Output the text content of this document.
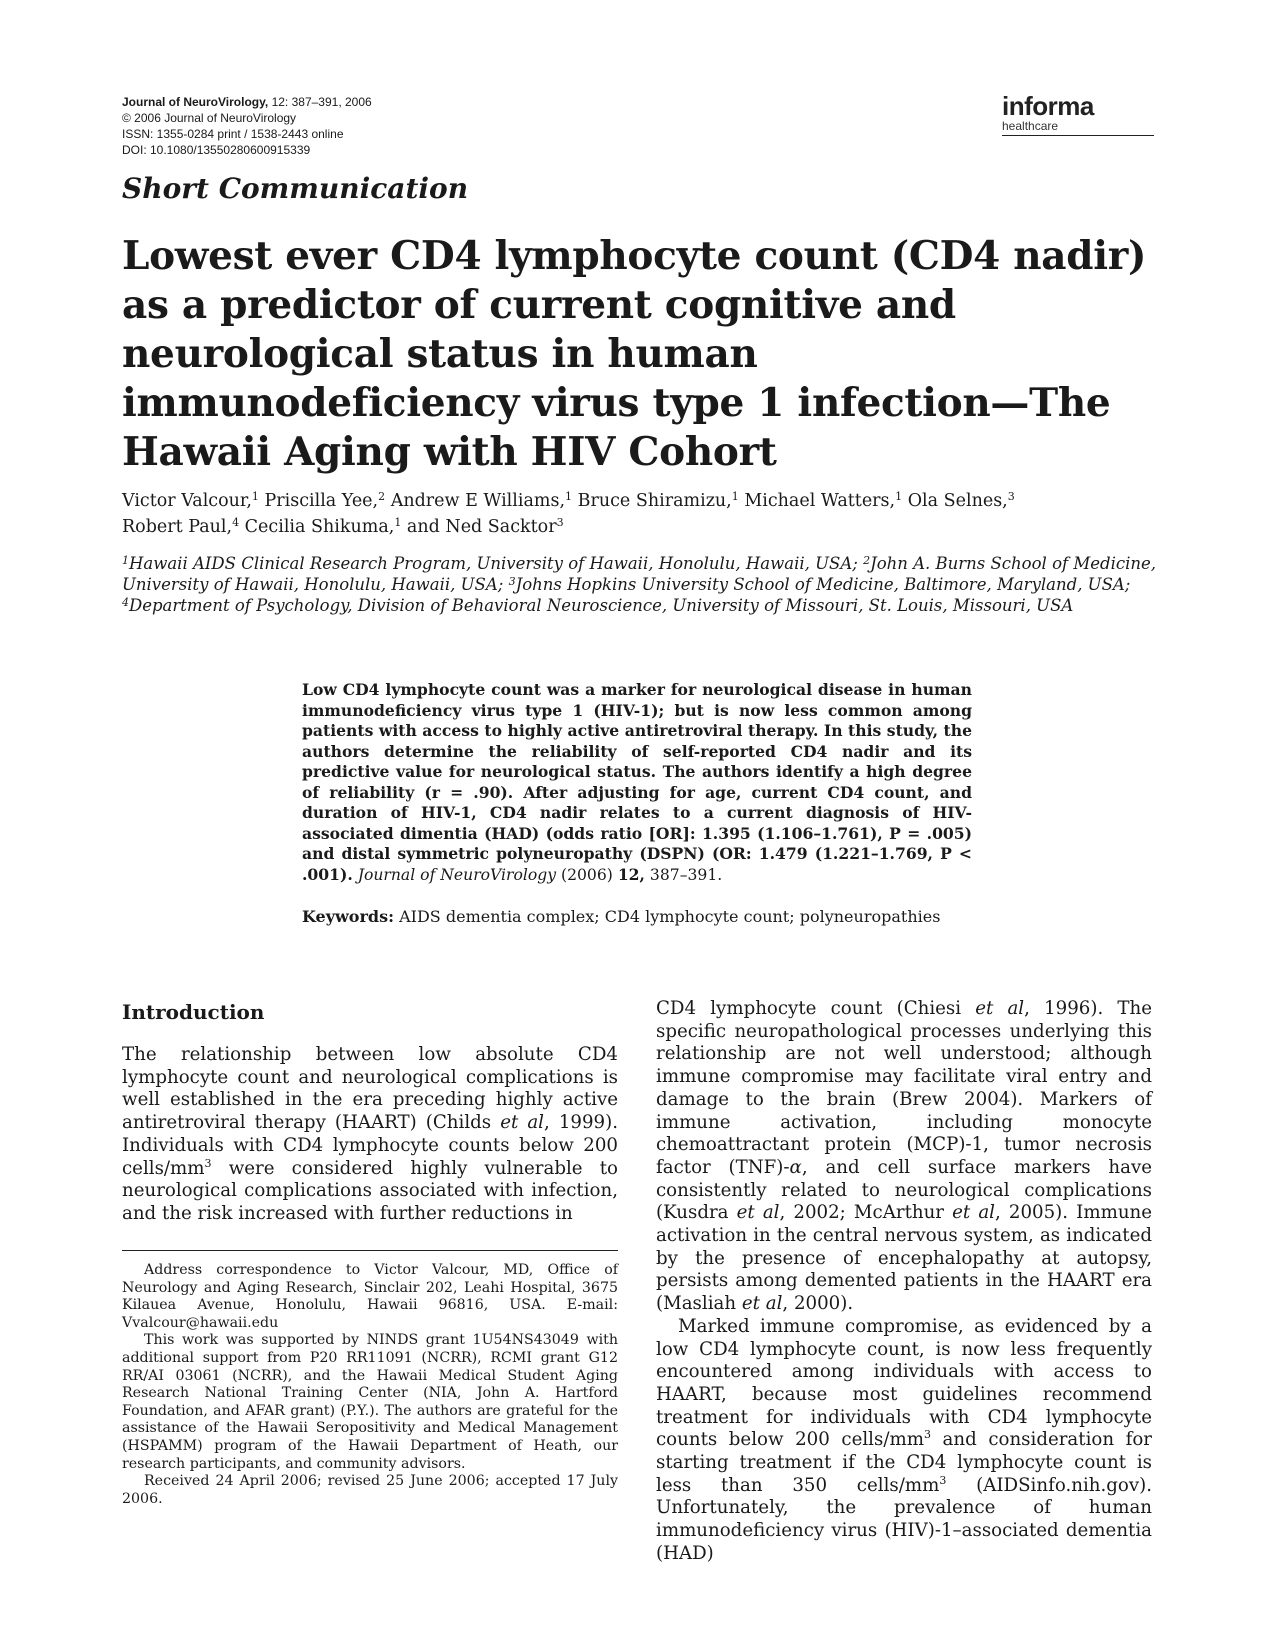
Journal of NeuroVirology, 12: 387–391, 2006
© 2006 Journal of NeuroVirology
ISSN: 1355-0284 print / 1538-2443 online
DOI: 10.1080/13550280600915339
informa
healthcare
Short Communication
Lowest ever CD4 lymphocyte count (CD4 nadir) as a predictor of current cognitive and neurological status in human immunodeficiency virus type 1 infection—The Hawaii Aging with HIV Cohort
Victor Valcour,$^1$ Priscilla Yee,$^2$ Andrew E Williams,$^1$ Bruce Shiramizu,$^1$ Michael Watters,$^1$ Ola Selnes,$^3$
Robert Paul,$^4$ Cecilia Shikuma,$^1$ and Ned Sacktor$^3$
$^1$Hawaii AIDS Clinical Research Program, University of Hawaii, Honolulu, Hawaii, USA; $^2$John A. Burns School of Medicine, University of Hawaii, Honolulu, Hawaii, USA; $^3$Johns Hopkins University School of Medicine, Baltimore, Maryland, USA; $^4$Department of Psychology, Division of Behavioral Neuroscience, University of Missouri, St. Louis, Missouri, USA
Low CD4 lymphocyte count was a marker for neurological disease in human immunodeficiency virus type 1 (HIV-1); but is now less common among patients with access to highly active antiretroviral therapy. In this study, the authors determine the reliability of self-reported CD4 nadir and its predictive value for neurological status. The authors identify a high degree of reliability (r = .90). After adjusting for age, current CD4 count, and duration of HIV-1, CD4 nadir relates to a current diagnosis of HIV-associated dimentia (HAD) (odds ratio [OR]: 1.395 (1.106–1.761), P = .005) and distal symmetric polyneuropathy (DSPN) (OR: 1.479 (1.221–1.769, P < .001). Journal of NeuroVirology (2006) 12, 387–391.
Keywords: AIDS dementia complex; CD4 lymphocyte count; polyneuropathies
Introduction

The relationship between low absolute CD4 lymphocyte count and neurological complications is well established in the era preceding highly active antiretroviral therapy (HAART) (Childs et al, 1999). Individuals with CD4 lymphocyte counts below 200 cells/$mm^3$ were considered highly vulnerable to neurological complications associated with infection, and the risk increased with further reductions in

CD4 lymphocyte count (Chiesi et al, 1996). The specific neuropathological processes underlying this relationship are not well understood; although immune compromise may facilitate viral entry and damage to the brain (Brew 2004). Markers of immune activation, including monocyte chemoattractant protein (MCP)-1, tumor necrosis factor (TNF)-α, and cell surface markers have consistently related to neurological complications (Kusdra et al, 2002; McArthur et al, 2005). Immune activation in the central nervous system, as indicated by the presence of encephalopathy at autopsy, persists among demented patients in the HAART era (Masliah et al, 2000).

Marked immune compromise, as evidenced by a low CD4 lymphocyte count, is now less frequently encountered among individuals with access to HAART, because most guidelines recommend treatment for individuals with CD4 lymphocyte counts below 200 cells/$mm^3$ and consideration for starting treatment if the CD4 lymphocyte count is less than 350 cells/$mm^3$ (AIDSinfo.nih.gov). Unfortunately, the prevalence of human immunodeficiency virus (HIV)-1–associated dementia (HAD)

Address correspondence to Victor Valcour, MD, Office of Neurology and Aging Research, Sinclair 202, Leahi Hospital, 3675 Kilauea Avenue, Honolulu, Hawaii 96816, USA. E-mail: Vvalcour@hawaii.edu

This work was supported by NINDS grant 1U54NS43049 with additional support from P20 RR11091 (NCRR), RCMI grant G12 RR/AI 03061 (NCRR), and the Hawaii Medical Student Aging Research National Training Center (NIA, John A. Hartford Foundation, and AFAR grant) (P.Y.). The authors are grateful for the assistance of the Hawaii Seropositivity and Medical Management (HSPAMM) program of the Hawaii Department of Heath, our research participants, and community advisors.

Received 24 April 2006; revised 25 June 2006; accepted 17 July 2006.
